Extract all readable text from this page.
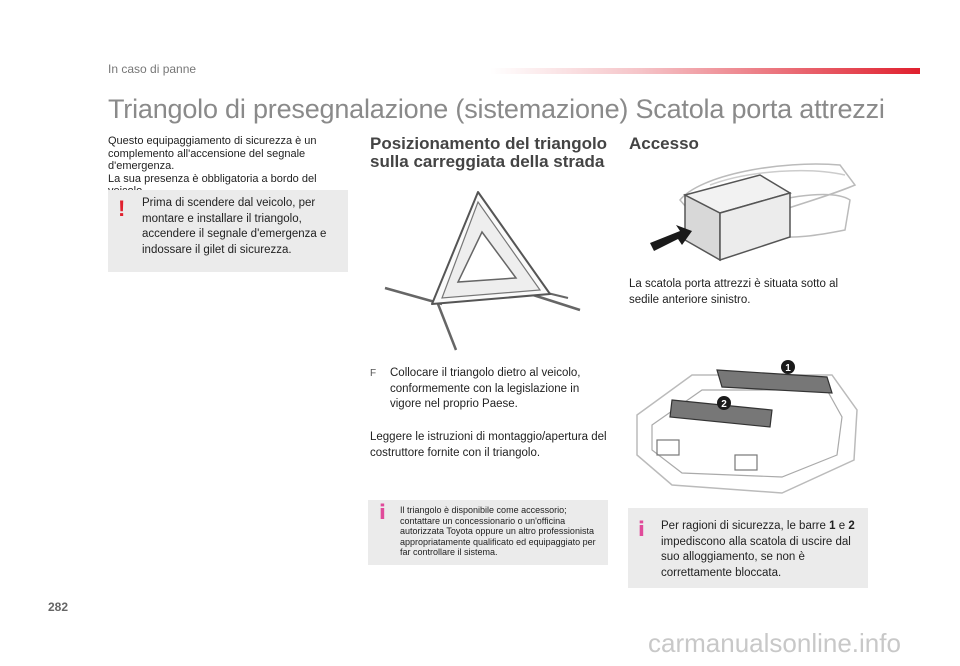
In caso di panne
Triangolo di presegnalazione (sistemazione) Scatola porta attrezzi
Questo equipaggiamento di sicurezza è un complemento all'accensione del segnale d'emergenza.
La sua presenza è obbligatoria a bordo del
! Prima di scendere dal veicolo, per montare e installare il triangolo, accendere il segnale d'emergenza e indossare il gilet di sicurezza.
Posizionamento del triangolo sulla carreggiata della strada
F Collocare il triangolo dietro al veicolo, conformemente con la legislazione in vigore nel proprio Paese.
Leggere le istruzioni di montaggio/apertura del costruttore fornite con il triangolo.
i Il triangolo è disponibile come accessorio; contattare un concessionario o un'officina autorizzata Toyota oppure un altro professionista appropriatamente qualificato ed equipaggiato per far controllare il sistema.
Accesso
La scatola porta attrezzi è situata sotto al sedile anteriore sinistro.
1
2
i Per ragioni di sicurezza, le barre 1 e 2 impediscono alla scatola di uscire dal suo alloggiamento, se non è correttamente bloccata.
282
carmanualsonline.info
